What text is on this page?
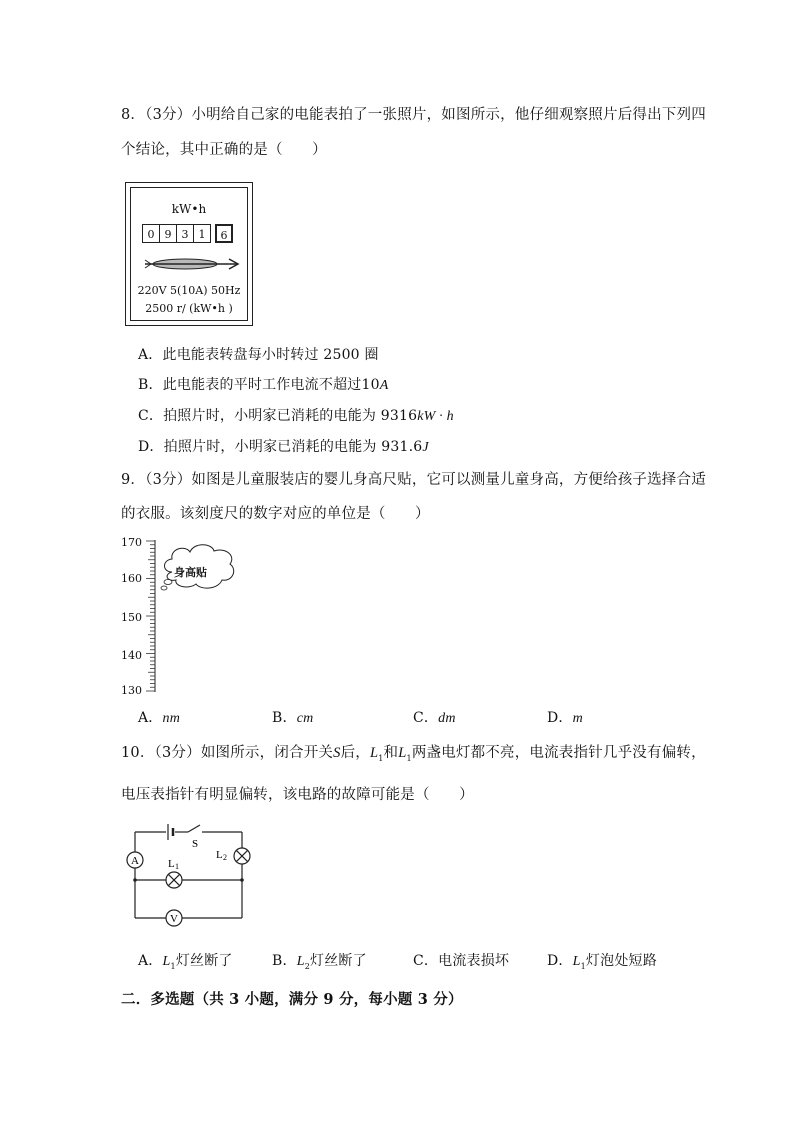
8．（3分）小明给自己家的电能表拍了一张照片，如图所示，他仔细观察照片后得出下列四
个结论，其中正确的是（　　）
kW•h
0 9 3 1	6
220V 5(10A) 50Hz
2500 r/ (kW•h )
A．此电能表转盘每小时转过 2500 圈
B．此电能表的平时工作电流不超过10A
C．拍照片时，小明家已消耗的电能为 9316kW · h
D．拍照片时，小明家已消耗的电能为 931.6J
9．（3分）如图是儿童服装店的婴儿身高尺贴，它可以测量儿童身高，方便给孩子选择合适
的衣服。该刻度尺的数字对应的单位是（　　）
170
160
150
140
130
身高贴
A．nm	B．cm	C．dm	D．m
10．（3分）如图所示，闭合开关S后，$L_1$和$L_1$两盏电灯都不亮，电流表指针几乎没有偏转，
电压表指针有明显偏转，该电路的故障可能是（　　）
S
A
V
L 1
L 2
A．$L_1$灯丝断了	B．$L_2$灯丝断了	C．电流表损坏	D．$L_1$灯泡处短路
二．多选题（共 3 小题，满分 9 分，每小题 3 分）
